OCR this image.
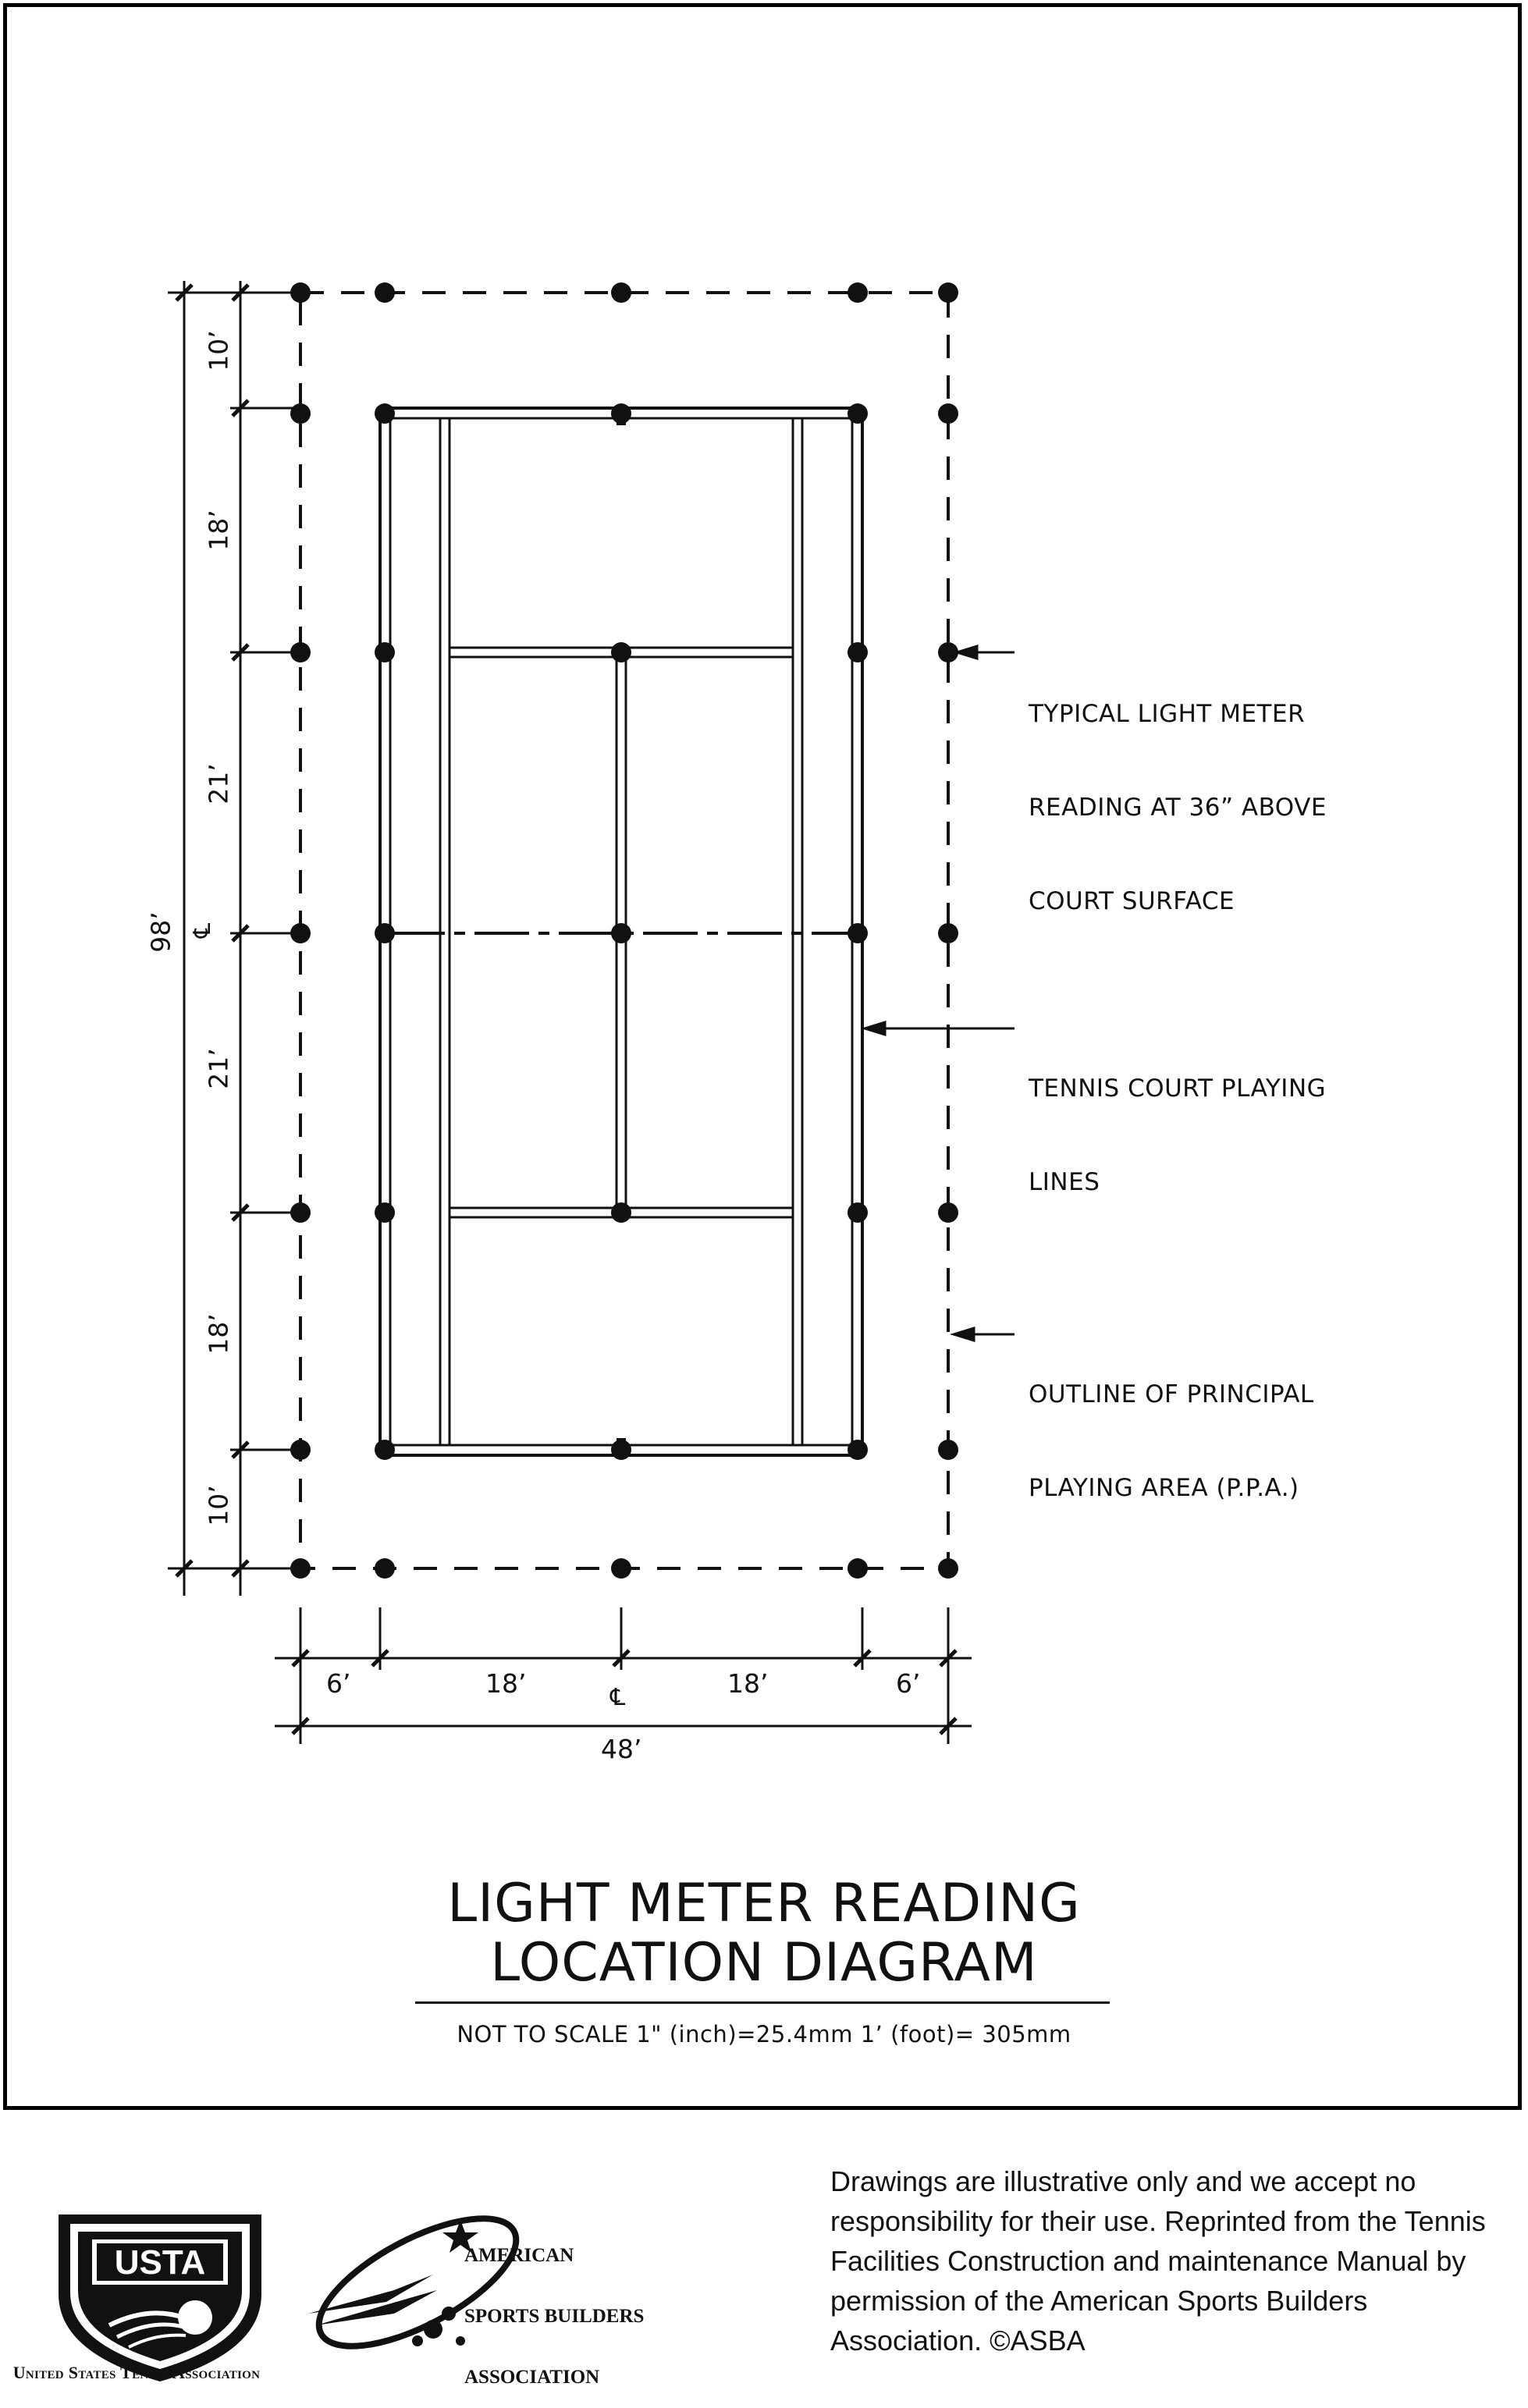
TYPICAL LIGHT METER

READING AT 36” ABOVE

COURT SURFACE

TENNIS COURT PLAYING

LINES

OUTLINE OF PRINCIPAL

PLAYING AREA (P.P.A.)

10’
18’
21’
21’
18’
10’
98’ ℄
6’	18’	18’	6’
℄
48’
LIGHT METER READING
LOCATION DIAGRAM
NOT TO SCALE 1" (inch)=25.4mm 1’ (foot)= 305mm
USTA
United States Tennis Association

AMERICAN

SPORTS BUILDERS

ASSOCIATION

Drawings are illustrative only and we accept no responsibility for their use. Reprinted from the Tennis Facilities Construction and maintenance Manual by permission of the American Sports Builders Association. ©ASBA
